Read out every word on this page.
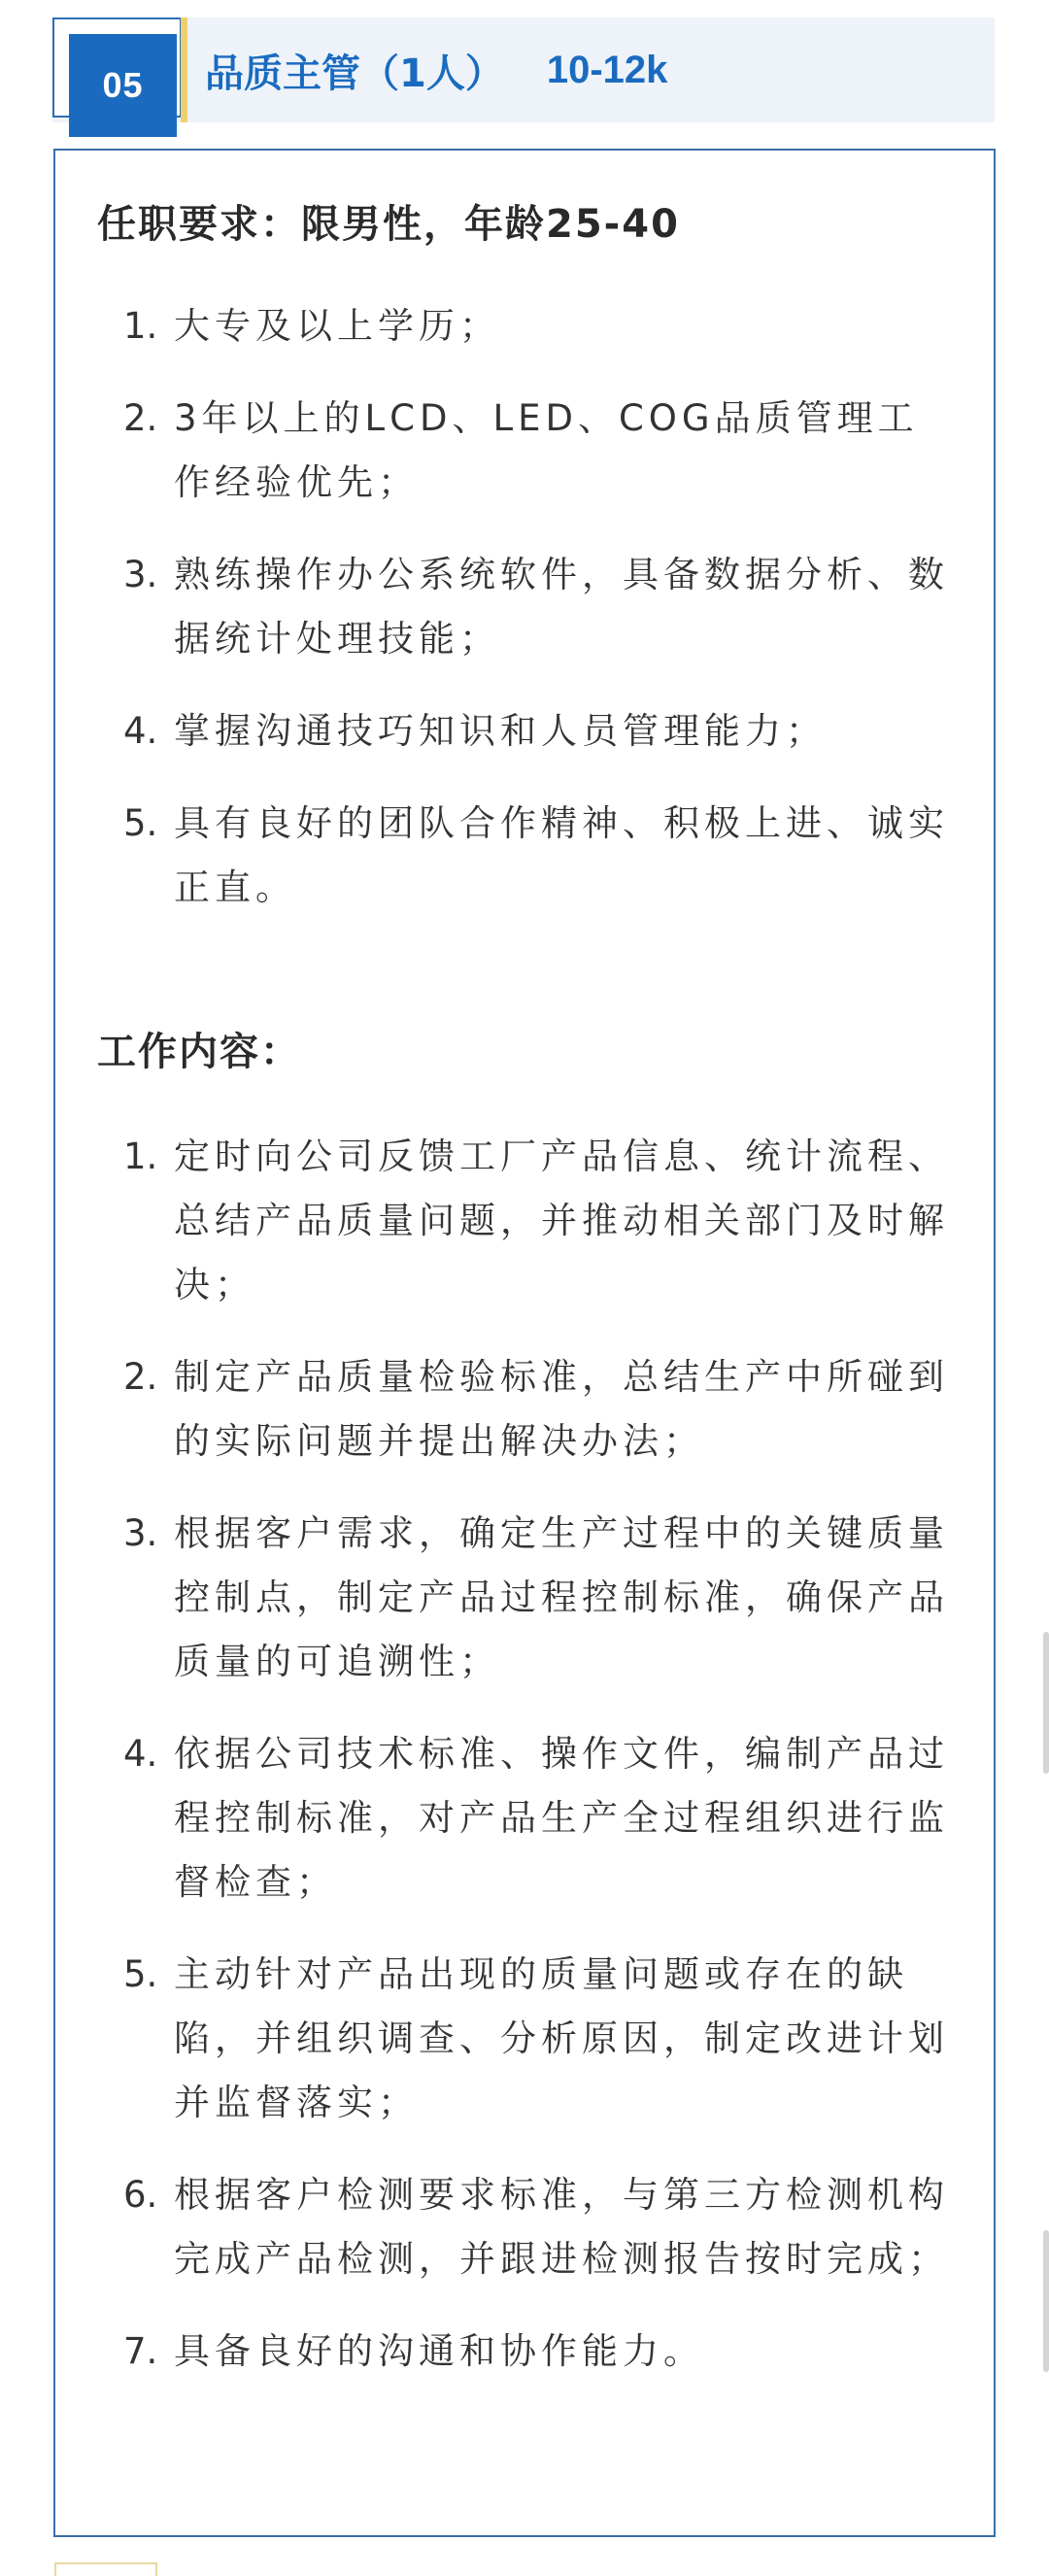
05	品质主管（1人） 10-12k
任职要求：限男性，年龄25-40
1. 大专及以上学历；
2. 3年以上的LCD、LED、COG品质管理工作经验优先；
3. 熟练操作办公系统软件，具备数据分析、数据统计处理技能；
4. 掌握沟通技巧知识和人员管理能力；
5. 具有良好的团队合作精神、积极上进、诚实正直。
工作内容：
1. 定时向公司反馈工厂产品信息、统计流程、总结产品质量问题，并推动相关部门及时解决；
2. 制定产品质量检验标准，总结生产中所碰到的实际问题并提出解决办法；
3. 根据客户需求，确定生产过程中的关键质量控制点，制定产品过程控制标准，确保产品质量的可追溯性；
4. 依据公司技术标准、操作文件，编制产品过程控制标准，对产品生产全过程组织进行监督检查；
5. 主动针对产品出现的质量问题或存在的缺陷，并组织调查、分析原因，制定改进计划并监督落实；
6. 根据客户检测要求标准，与第三方检测机构完成产品检测，并跟进检测报告按时完成；
7. 具备良好的沟通和协作能力。
